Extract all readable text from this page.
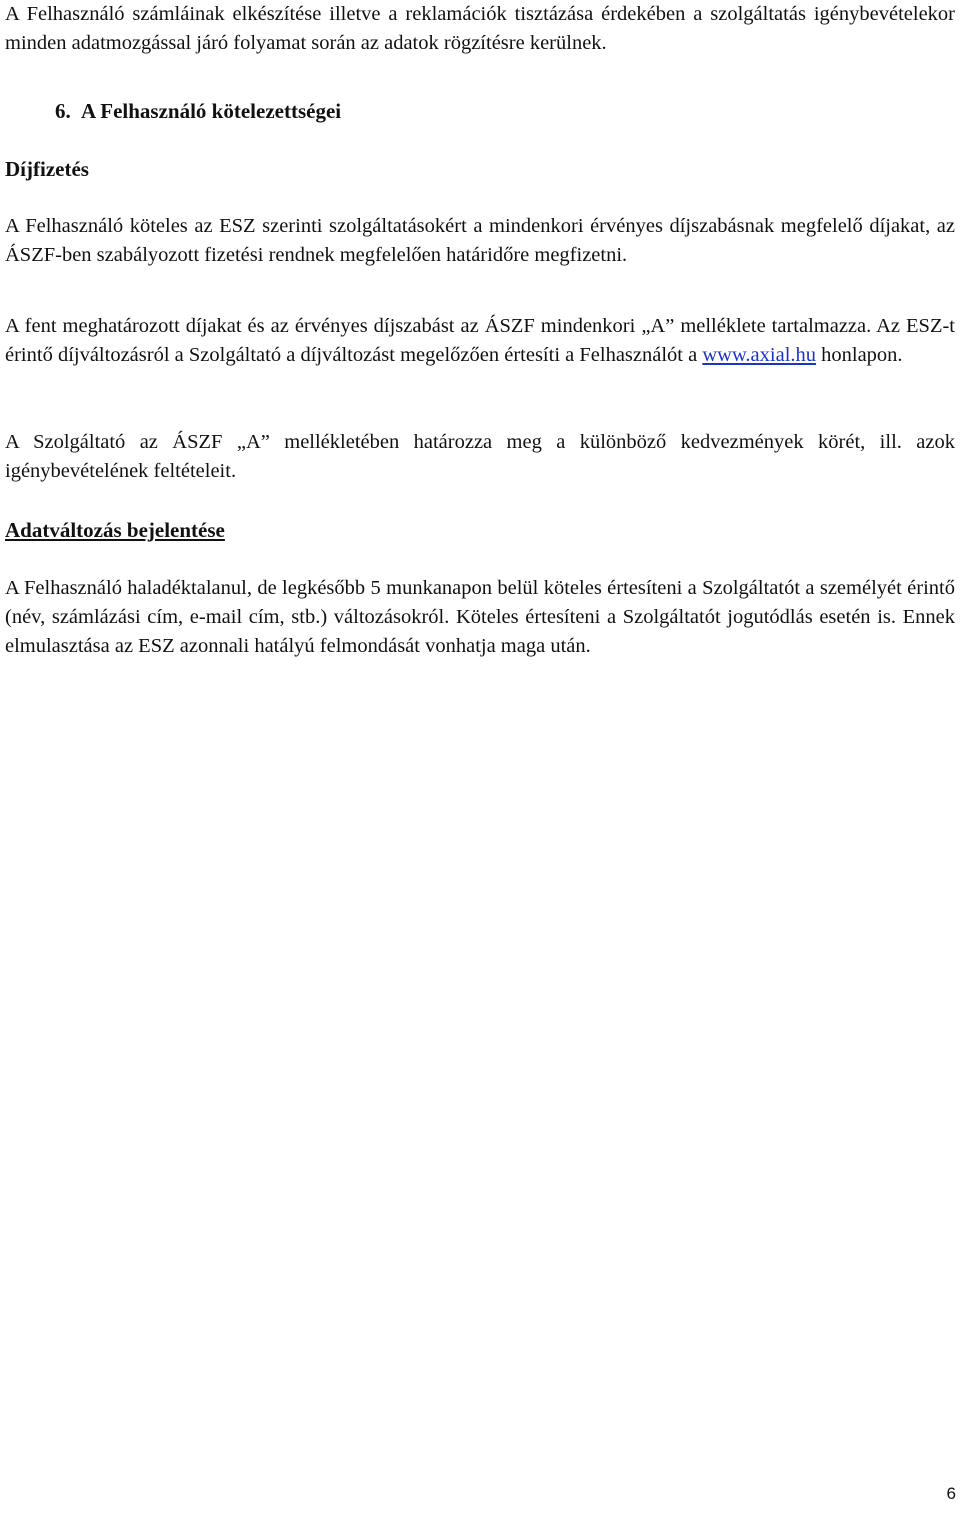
A Felhasználó számláinak elkészítése illetve a reklamációk tisztázása érdekében a szolgáltatás igénybevételekor minden adatmozgással járó folyamat során az adatok rögzítésre kerülnek.

6. A Felhasználó kötelezettségei
Díjfizetés

A Felhasználó köteles az ESZ szerinti szolgáltatásokért a mindenkori érvényes díjszabásnak megfelelő díjakat, az ÁSZF-ben szabályozott fizetési rendnek megfelelően határidőre megfizetni.

A fent meghatározott díjakat és az érvényes díjszabást az ÁSZF mindenkori „A” melléklete tartalmazza. Az ESZ-t érintő díjváltozásról a Szolgáltató a díjváltozást megelőzően értesíti a Felhasználót a www.axial.hu honlapon.

A Szolgáltató az ÁSZF „A” mellékletében határozza meg a különböző kedvezmények körét, ill. azok igénybevételének feltételeit.

Adatváltozás bejelentése

A Felhasználó haladéktalanul, de legkésőbb 5 munkanapon belül köteles értesíteni a Szolgáltatót a személyét érintő (név, számlázási cím, e-mail cím, stb.) változásokról. Köteles értesíteni a Szolgáltatót jogutódlás esetén is. Ennek elmulasztása az ESZ azonnali hatályú felmondását vonhatja maga után.

6
